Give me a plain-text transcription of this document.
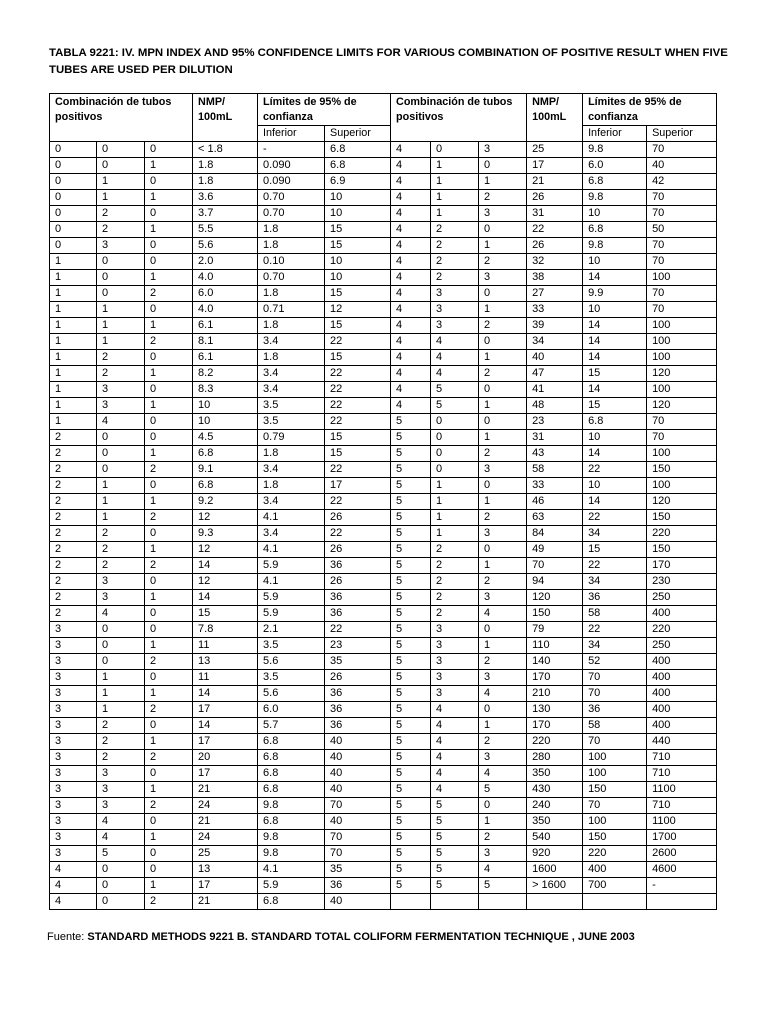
TABLA 9221: IV. MPN INDEX AND 95% CONFIDENCE LIMITS FOR VARIOUS COMBINATION OF POSITIVE RESULT WHEN FIVE TUBES ARE USED PER DILUTION
Combinación de tubos positivos			NMP/ 100mL	Límites de 95% de confianza		Combinación de tubos positivos			NMP/ 100mL	Límites de 95% de confianza	
				Inferior	Superior					Inferior	Superior
0	0	0	< 1.8	-	6.8	4	0	3	25	9.8	70
0	0	1	1.8	0.090	6.8	4	1	0	17	6.0	40
0	1	0	1.8	0.090	6.9	4	1	1	21	6.8	42
0	1	1	3.6	0.70	10	4	1	2	26	9.8	70
0	2	0	3.7	0.70	10	4	1	3	31	10	70
0	2	1	5.5	1.8	15	4	2	0	22	6.8	50
0	3	0	5.6	1.8	15	4	2	1	26	9.8	70
1	0	0	2.0	0.10	10	4	2	2	32	10	70
1	0	1	4.0	0.70	10	4	2	3	38	14	100
1	0	2	6.0	1.8	15	4	3	0	27	9.9	70
1	1	0	4.0	0.71	12	4	3	1	33	10	70
1	1	1	6.1	1.8	15	4	3	2	39	14	100
1	1	2	8.1	3.4	22	4	4	0	34	14	100
1	2	0	6.1	1.8	15	4	4	1	40	14	100
1	2	1	8.2	3.4	22	4	4	2	47	15	120
1	3	0	8.3	3.4	22	4	5	0	41	14	100
1	3	1	10	3.5	22	4	5	1	48	15	120
1	4	0	10	3.5	22	5	0	0	23	6.8	70
2	0	0	4.5	0.79	15	5	0	1	31	10	70
2	0	1	6.8	1.8	15	5	0	2	43	14	100
2	0	2	9.1	3.4	22	5	0	3	58	22	150
2	1	0	6.8	1.8	17	5	1	0	33	10	100
2	1	1	9.2	3.4	22	5	1	1	46	14	120
2	1	2	12	4.1	26	5	1	2	63	22	150
2	2	0	9.3	3.4	22	5	1	3	84	34	220
2	2	1	12	4.1	26	5	2	0	49	15	150
2	2	2	14	5.9	36	5	2	1	70	22	170
2	3	0	12	4.1	26	5	2	2	94	34	230
2	3	1	14	5.9	36	5	2	3	120	36	250
2	4	0	15	5.9	36	5	2	4	150	58	400
3	0	0	7.8	2.1	22	5	3	0	79	22	220
3	0	1	11	3.5	23	5	3	1	110	34	250
3	0	2	13	5.6	35	5	3	2	140	52	400
3	1	0	11	3.5	26	5	3	3	170	70	400
3	1	1	14	5.6	36	5	3	4	210	70	400
3	1	2	17	6.0	36	5	4	0	130	36	400
3	2	0	14	5.7	36	5	4	1	170	58	400
3	2	1	17	6.8	40	5	4	2	220	70	440
3	2	2	20	6.8	40	5	4	3	280	100	710
3	3	0	17	6.8	40	5	4	4	350	100	710
3	3	1	21	6.8	40	5	4	5	430	150	1100
3	3	2	24	9.8	70	5	5	0	240	70	710
3	4	0	21	6.8	40	5	5	1	350	100	1100
3	4	1	24	9.8	70	5	5	2	540	150	1700
3	5	0	25	9.8	70	5	5	3	920	220	2600
4	0	0	13	4.1	35	5	5	4	1600	400	4600
4	0	1	17	5.9	36	5	5	5	> 1600	700	-
4	0	2	21	6.8	40						

Fuente: STANDARD METHODS 9221 B. STANDARD TOTAL COLIFORM FERMENTATION TECHNIQUE , JUNE 2003
